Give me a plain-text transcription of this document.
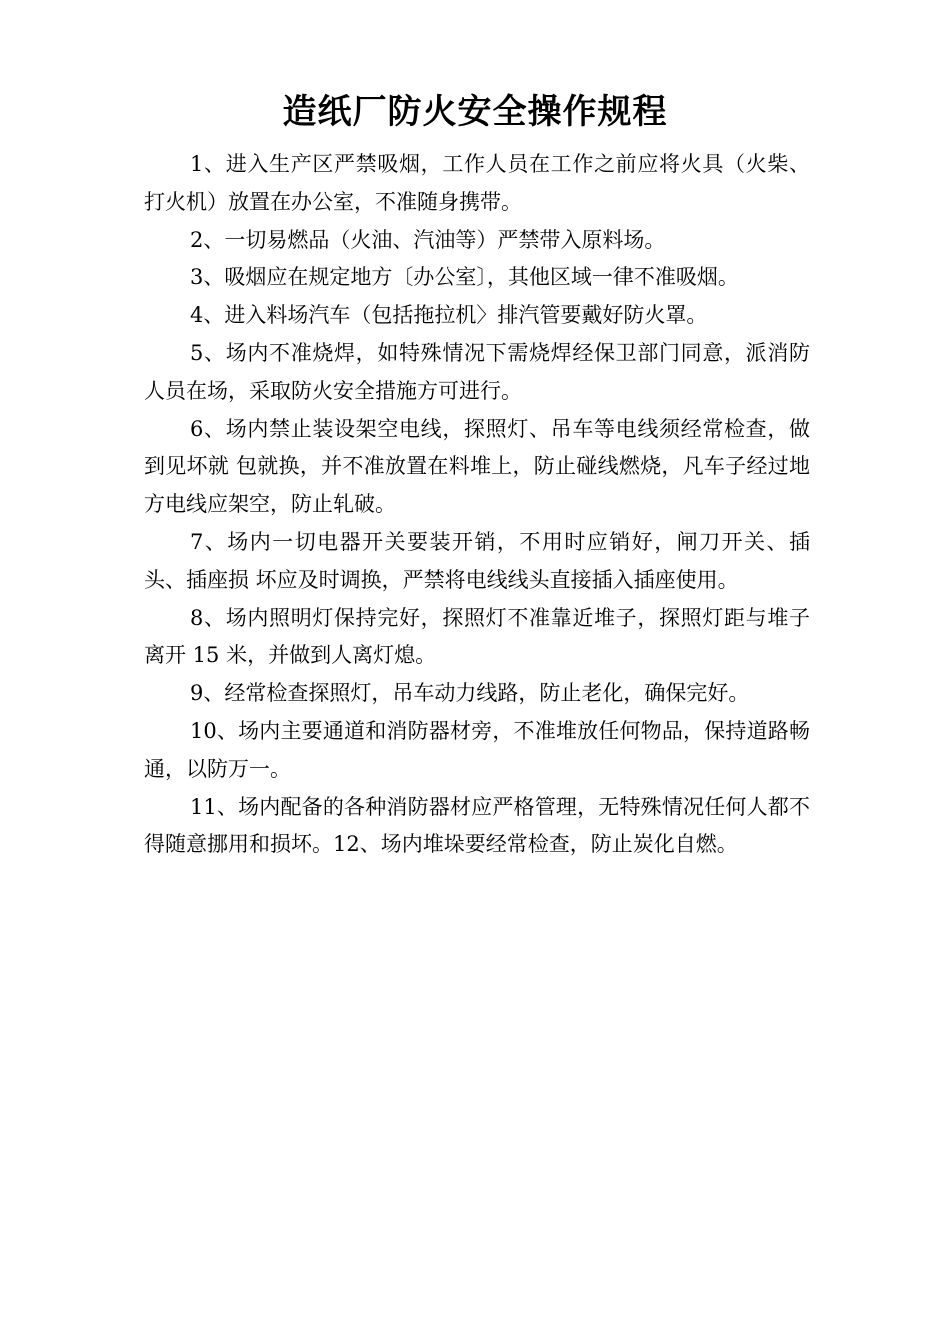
造纸厂防火安全操作规程

1、进入生产区严禁吸烟，工作人员在工作之前应将火具（火柴、打火机）放置在办公室，不准随身携带。

2、一切易燃品（火油、汽油等）严禁带入原料场。

3、吸烟应在规定地方〔办公室〕，其他区域一律不准吸烟。

4、进入料场汽车（包括拖拉机〉排汽管要戴好防火罩。

5、场内不准烧焊，如特殊情况下需烧焊经保卫部门同意，派消防人员在场，采取防火安全措施方可进行。

6、场内禁止装设架空电线，探照灯、吊车等电线须经常检查，做到见坏就 包就换，并不准放置在料堆上，防止碰线燃烧，凡车子经过地方电线应架空，防止轧破。

7、场内一切电器开关要装开销，不用时应销好，闸刀开关、插头、插座损 坏应及时调换，严禁将电线线头直接插入插座使用。

8、场内照明灯保持完好，探照灯不准靠近堆子，探照灯距与堆子离开 15 米，并做到人离灯熄。

9、经常检查探照灯，吊车动力线路，防止老化，确保完好。

10、场内主要通道和消防器材旁，不准堆放任何物品，保持道路畅通，以防万一。

11、场内配备的各种消防器材应严格管理，无特殊情况任何人都不得随意挪用和损坏。12、场内堆垛要经常检查，防止炭化自燃。
